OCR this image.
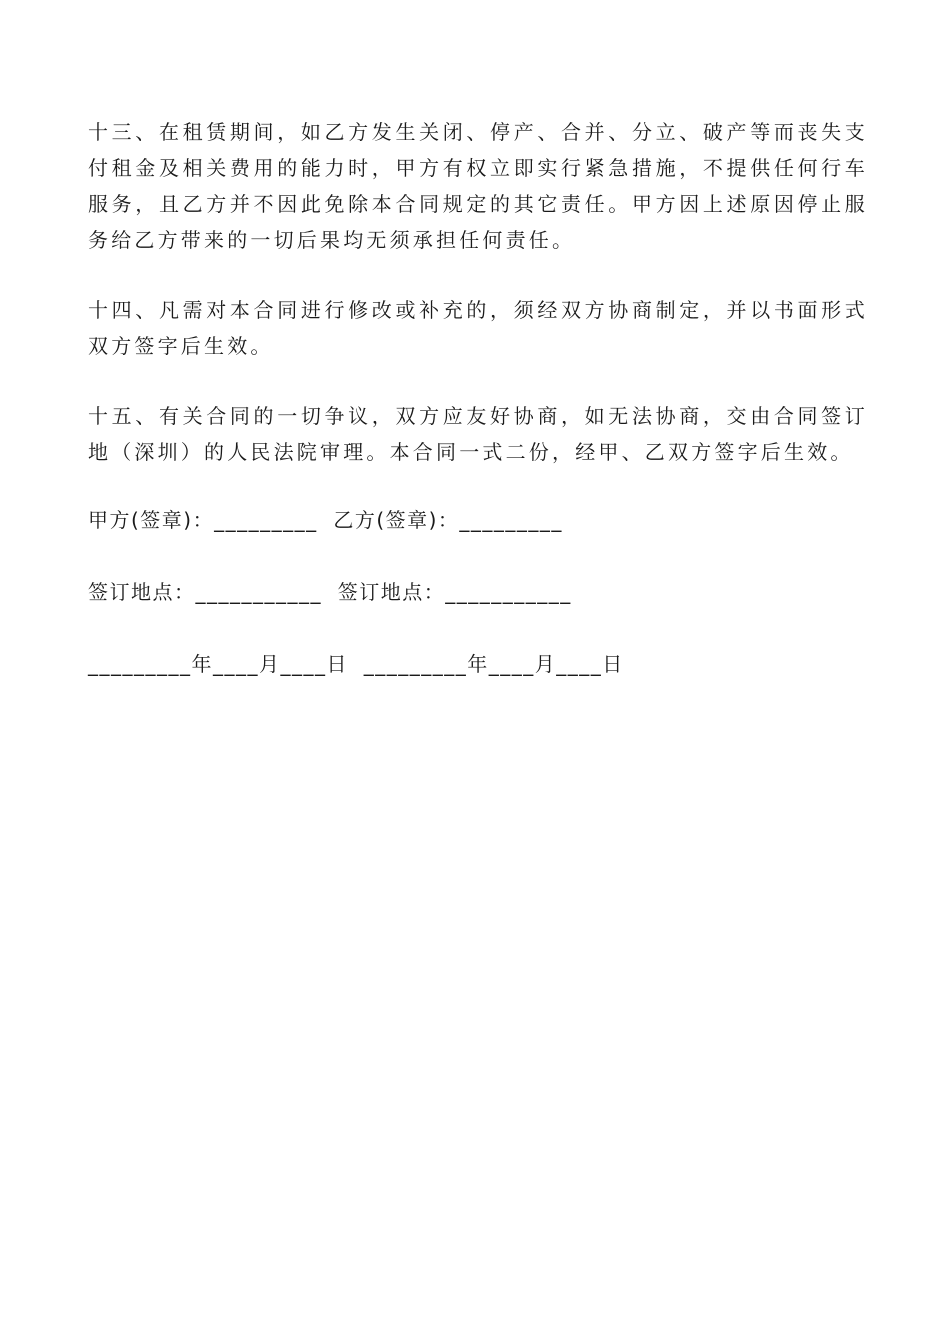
十三、在租赁期间，如乙方发生关闭、停产、合并、分立、破产等而丧失支付租金及相关费用的能力时，甲方有权立即实行紧急措施，不提供任何行车服务，且乙方并不因此免除本合同规定的其它责任。甲方因上述原因停止服务给乙方带来的一切后果均无须承担任何责任。

十四、凡需对本合同进行修改或补充的，须经双方协商制定，并以书面形式双方签字后生效。

十五、有关合同的一切争议，双方应友好协商，如无法协商，交由合同签订地（深圳）的人民法院审理。本合同一式二份，经甲、乙双方签字后生效。

甲方(签章)：_________  乙方(签章)：_________
签订地点：___________  签订地点：___________
_________年____月____日  _________年____月____日
